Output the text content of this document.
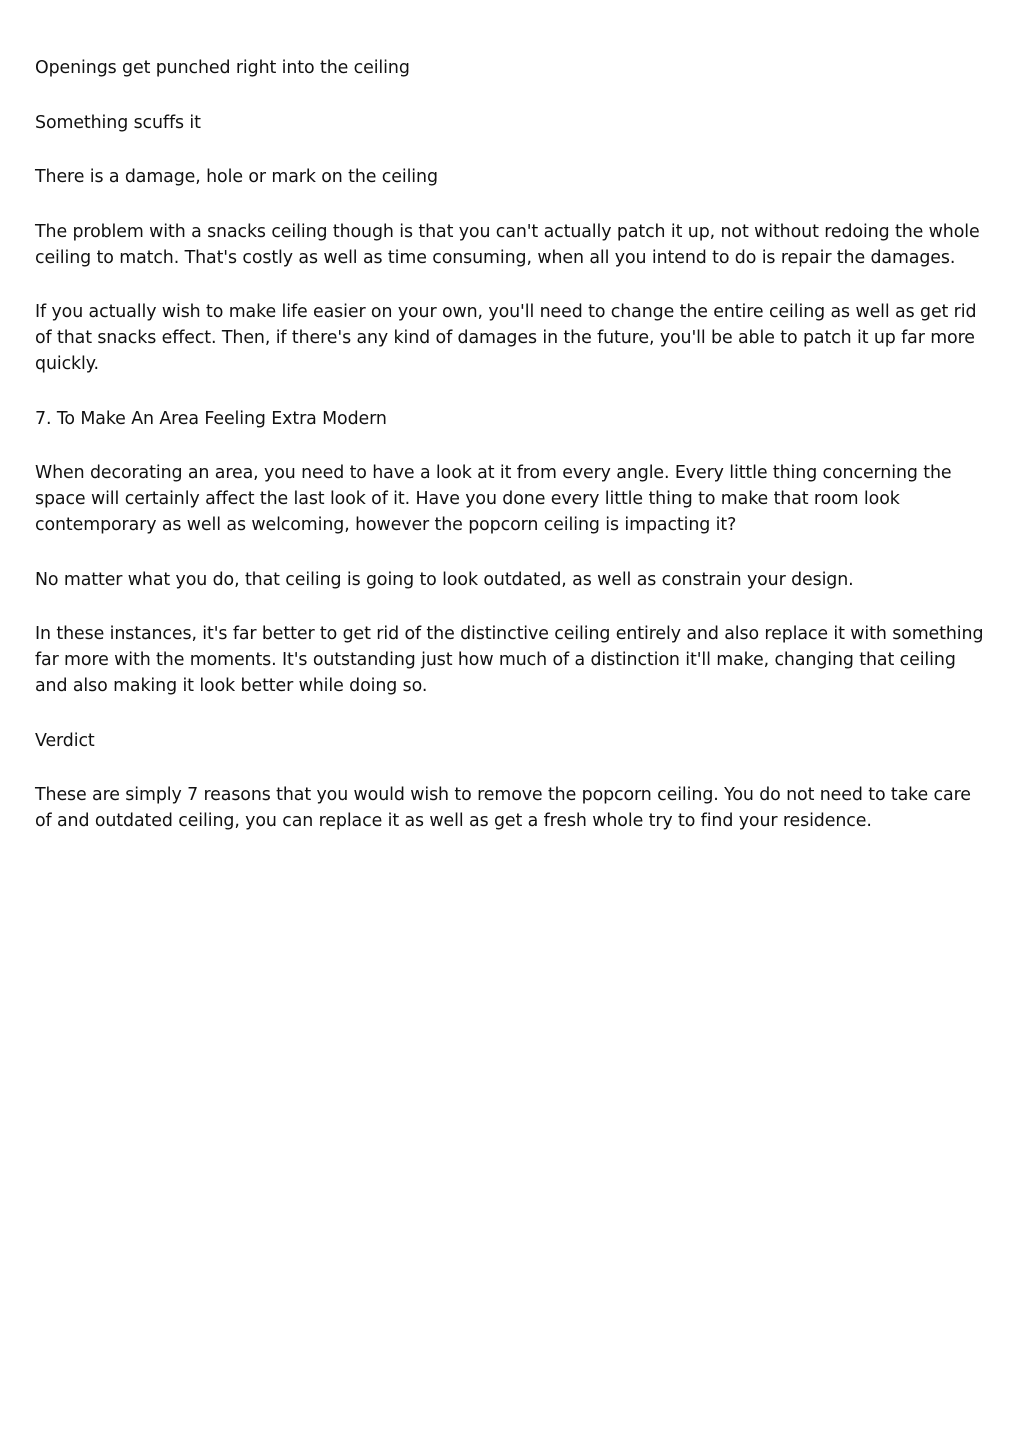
Openings get punched right into the ceiling

Something scuffs it

There is a damage, hole or mark on the ceiling

The problem with a snacks ceiling though is that you can't actually patch it up, not without redoing the whole ceiling to match. That's costly as well as time consuming, when all you intend to do is repair the damages.

If you actually wish to make life easier on your own, you'll need to change the entire ceiling as well as get rid of that snacks effect. Then, if there's any kind of damages in the future, you'll be able to patch it up far more quickly.

7. To Make An Area Feeling Extra Modern

When decorating an area, you need to have a look at it from every angle. Every little thing concerning the space will certainly affect the last look of it. Have you done every little thing to make that room look contemporary as well as welcoming, however the popcorn ceiling is impacting it?

No matter what you do, that ceiling is going to look outdated, as well as constrain your design.

In these instances, it's far better to get rid of the distinctive ceiling entirely and also replace it with something far more with the moments. It's outstanding just how much of a distinction it'll make, changing that ceiling and also making it look better while doing so.

Verdict

These are simply 7 reasons that you would wish to remove the popcorn ceiling. You do not need to take care of and outdated ceiling, you can replace it as well as get a fresh whole try to find your residence.
